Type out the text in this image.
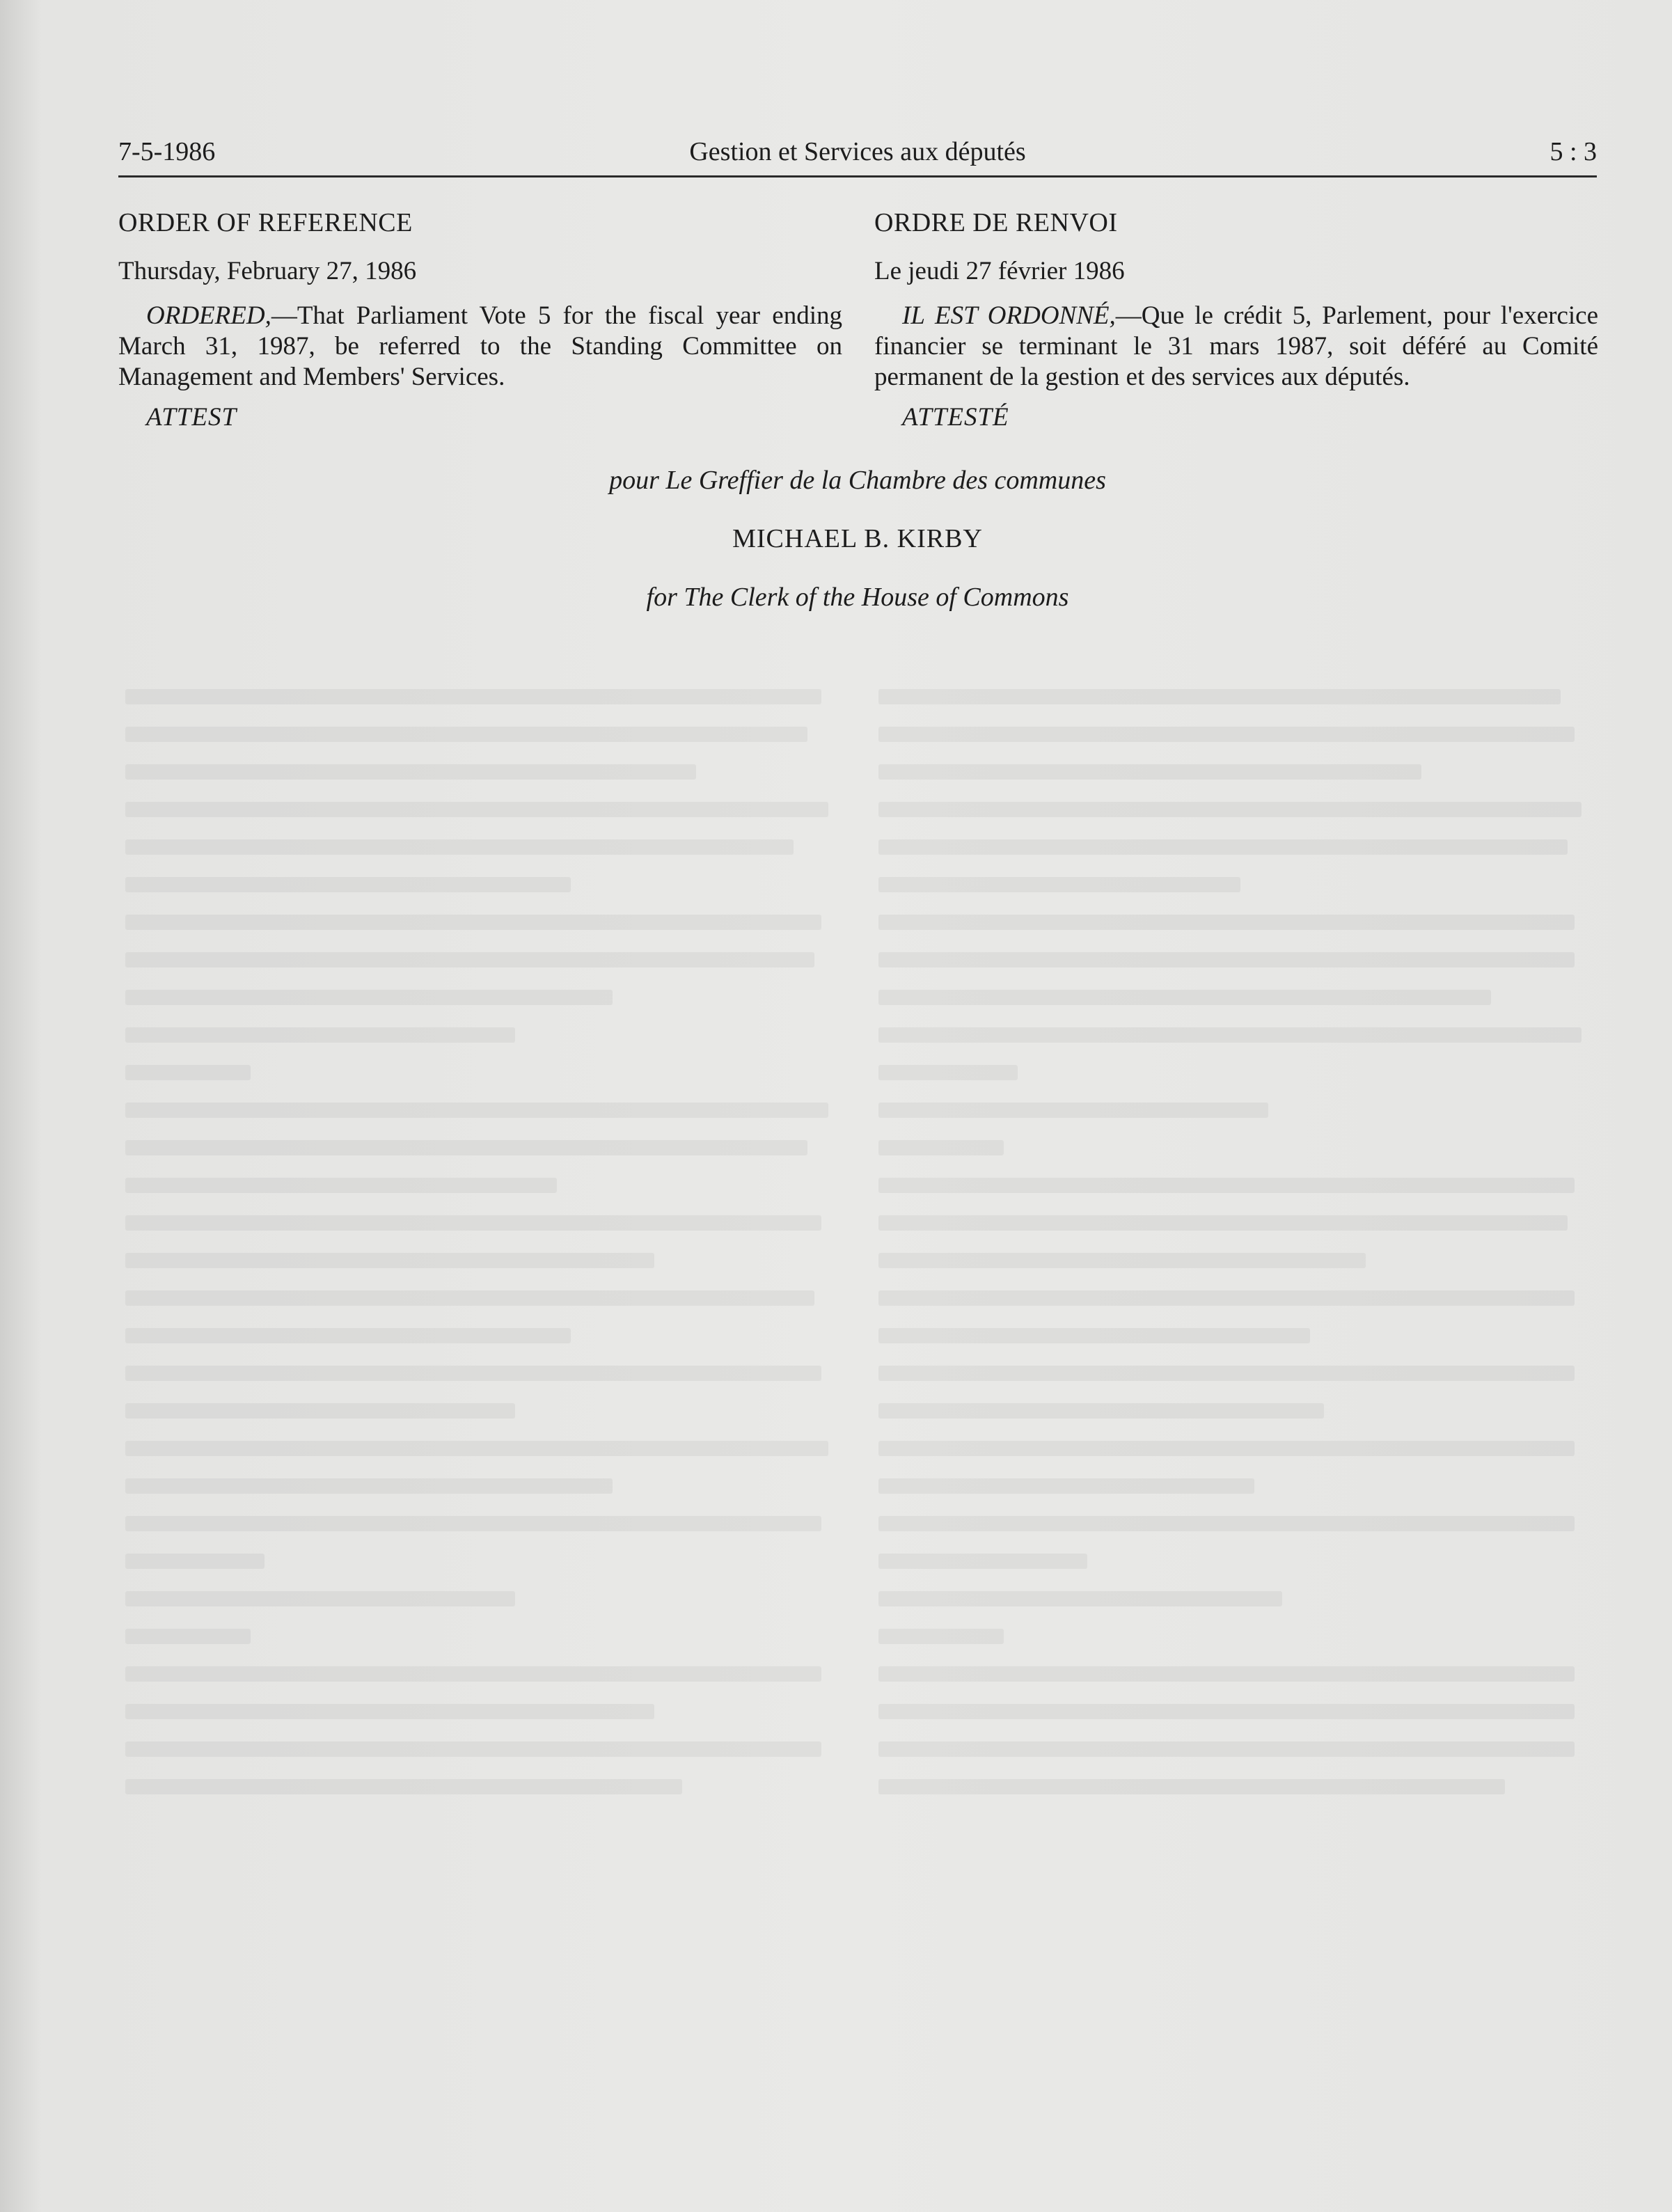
7-5-1986	Gestion et Services aux députés	5 : 3
ORDER OF REFERENCE
Thursday, February 27, 1986

ORDERED,—That Parliament Vote 5 for the fiscal year ending March 31, 1987, be referred to the Standing Committee on Management and Members' Services.

ATTEST
ORDRE DE RENVOI
Le jeudi 27 février 1986

IL EST ORDONNÉ,—Que le crédit 5, Parlement, pour l'exercice financier se terminant le 31 mars 1987, soit déféré au Comité permanent de la gestion et des services aux députés.

ATTESTÉ
pour Le Greffier de la Chambre des communes
MICHAEL B. KIRBY
for The Clerk of the House of Commons
